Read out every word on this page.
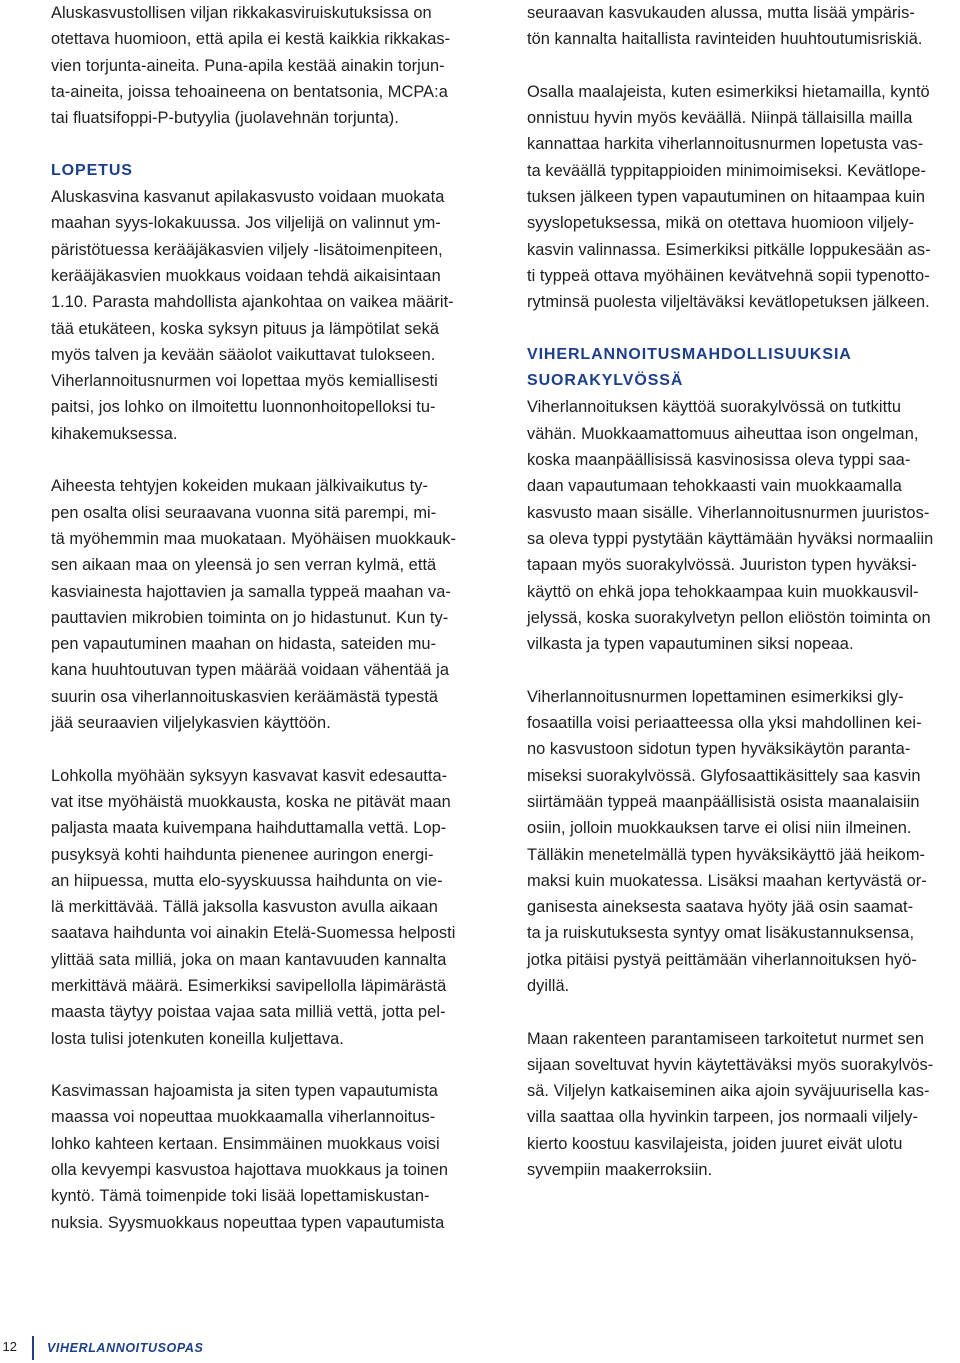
Aluskasvustollisen viljan rikkakasviruiskutuksissa on
otettava huomioon, että apila ei kestä kaikkia rikkakas-
vien torjunta-aineita. Puna-apila kestää ainakin torjun-
ta-aineita, joissa tehoaineena on bentatsonia, MCPA:a
tai fluatsifoppi-P-butyylia (juolavehnän torjunta).
LOPETUS
Aluskasvina kasvanut apilakasvusto voidaan muokata
maahan syys-lokakuussa. Jos viljelijä on valinnut ym-
päristötuessa kerääjäkasvien viljely -lisätoimenpiteen,
kerääjäkasvien muokkaus voidaan tehdä aikaisintaan
1.10. Parasta mahdollista ajankohtaa on vaikea määrit-
tää etukäteen, koska syksyn pituus ja lämpötilat sekä
myös talven ja kevään sääolot vaikuttavat tulokseen.
Viherlannoitusnurmen voi lopettaa myös kemiallisesti
paitsi, jos lohko on ilmoitettu luonnonhoitopelloksi tu-
kihakemuksessa.
Aiheesta tehtyjen kokeiden mukaan jälkivaikutus ty-
pen osalta olisi seuraavana vuonna sitä parempi, mi-
tä myöhemmin maa muokataan. Myöhäisen muokkauk-
sen aikaan maa on yleensä jo sen verran kylmä, että
kasviainesta hajottavien ja samalla typpeä maahan va-
pauttavien mikrobien toiminta on jo hidastunut. Kun ty-
pen vapautuminen maahan on hidasta, sateiden mu-
kana huuhtoutuvan typen määrää voidaan vähentää ja
suurin osa viherlannoituskasvien keräämästä typestä
jää seuraavien viljelykasvien käyttöön.
Lohkolla myöhään syksyyn kasvavat kasvit edesautta-
vat itse myöhäistä muokkausta, koska ne pitävät maan
paljasta maata kuivempana haihduttamalla vettä. Lop-
pusyksyä kohti haihdunta pienenee auringon energi-
an hiipuessa, mutta elo-syyskuussa haihdunta on vie-
lä merkittävää. Tällä jaksolla kasvuston avulla aikaan
saatava haihdunta voi ainakin Etelä-Suomessa helposti
ylittää sata milliä, joka on maan kantavuuden kannalta
merkittävä määrä. Esimerkiksi savipellolla läpimärästä
maasta täytyy poistaa vajaa sata milliä vettä, jotta pel-
losta tulisi jotenkuten koneilla kuljettava.
Kasvimassan hajoamista ja siten typen vapautumista
maassa voi nopeuttaa muokkaamalla viherlannoitus-
lohko kahteen kertaan. Ensimmäinen muokkaus voisi
olla kevyempi kasvustoa hajottava muokkaus ja toinen
kyntö. Tämä toimenpide toki lisää lopettamiskustan-
nuksia. Syysmuokkaus nopeuttaa typen vapautumista
seuraavan kasvukauden alussa, mutta lisää ympäris-
tön kannalta haitallista ravinteiden huuhtoutumisriskiä.
Osalla maalajeista, kuten esimerkiksi hietamailla, kyntö
onnistuu hyvin myös keväällä. Niinpä tällaisilla mailla
kannattaa harkita viherlannoitusnurmen lopetusta vas-
ta keväällä typpitappioiden minimoimiseksi. Kevätlope-
tuksen jälkeen typen vapautuminen on hitaampaa kuin
syyslopetuksessa, mikä on otettava huomioon viljely-
kasvin valinnassa. Esimerkiksi pitkälle loppukesään as-
ti typpeä ottava myöhäinen kevätvehnä sopii typenotto-
rytminsä puolesta viljeltäväksi kevätlopetuksen jälkeen.
VIHERLANNOITUSMAHDOLLISUUKSIA
SUORAKYLVÖSSÄ
Viherlannoituksen käyttöä suorakylvössä on tutkittu
vähän. Muokkaamattomuus aiheuttaa ison ongelman,
koska maanpäällisissä kasvinosissa oleva typpi saa-
daan vapautumaan tehokkaasti vain muokkaamalla
kasvusto maan sisälle. Viherlannoitusnurmen juuristos-
sa oleva typpi pystytään käyttämään hyväksi normaaliin
tapaan myös suorakylvössä. Juuriston typen hyväksi-
käyttö on ehkä jopa tehokkaampaa kuin muokkausvil-
jelyssä, koska suorakylvetyn pellon eliöstön toiminta on
vilkasta ja typen vapautuminen siksi nopeaa.
Viherlannoitusnurmen lopettaminen esimerkiksi gly-
fosaatilla voisi periaatteessa olla yksi mahdollinen kei-
no kasvustoon sidotun typen hyväksikäytön paranta-
miseksi suorakylvössä. Glyfosaattikäsittely saa kasvin
siirtämään typpeä maanpäällisistä osista maanalaisiin
osiin, jolloin muokkauksen tarve ei olisi niin ilmeinen.
Tälläkin menetelmällä typen hyväksikäyttö jää heikom-
maksi kuin muokatessa. Lisäksi maahan kertyvästä or-
ganisesta aineksesta saatava hyöty jää osin saamat-
ta ja ruiskutuksesta syntyy omat lisäkustannuksensa,
jotka pitäisi pystyä peittämään viherlannoituksen hyö-
dyillä.
Maan rakenteen parantamiseen tarkoitetut nurmet sen
sijaan soveltuvat hyvin käytettäväksi myös suorakylvös-
sä. Viljelyn katkaiseminen aika ajoin syväjuurisella kas-
villa saattaa olla hyvinkin tarpeen, jos normaali viljely-
kierto koostuu kasvilajeista, joiden juuret eivät ulotu
syvempiin maakerroksiin.
12 VIHERLANNOITUSOPAS
